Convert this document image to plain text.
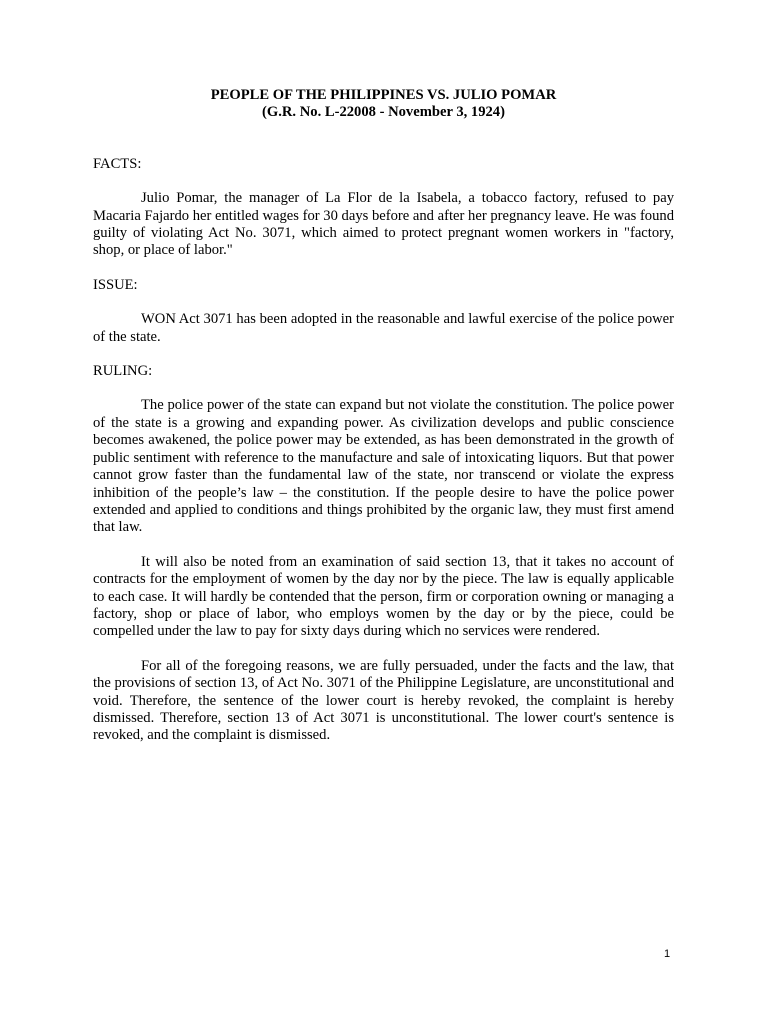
PEOPLE OF THE PHILIPPINES VS. JULIO POMAR

(G.R. No. L-22008 - November 3, 1924)

FACTS:

Julio Pomar, the manager of La Flor de la Isabela, a tobacco factory, refused to pay Macaria Fajardo her entitled wages for 30 days before and after her pregnancy leave. He was found guilty of violating Act No. 3071, which aimed to protect pregnant women workers in "factory, shop, or place of labor."

ISSUE:

WON Act 3071 has been adopted in the reasonable and lawful exercise of the police power of the state.

RULING:

The police power of the state can expand but not violate the constitution. The police power of the state is a growing and expanding power. As civilization develops and public conscience becomes awakened, the police power may be extended, as has been demonstrated in the growth of public sentiment with reference to the manufacture and sale of intoxicating liquors. But that power cannot grow faster than the fundamental law of the state, nor transcend or violate the express inhibition of the people’s law – the constitution. If the people desire to have the police power extended and applied to conditions and things prohibited by the organic law, they must first amend that law.

It will also be noted from an examination of said section 13, that it takes no account of contracts for the employment of women by the day nor by the piece. The law is equally applicable to each case. It will hardly be contended that the person, firm or corporation owning or managing a factory, shop or place of labor, who employs women by the day or by the piece, could be compelled under the law to pay for sixty days during which no services were rendered.

For all of the foregoing reasons, we are fully persuaded, under the facts and the law, that the provisions of section 13, of Act No. 3071 of the Philippine Legislature, are unconstitutional and void. Therefore, the sentence of the lower court is hereby revoked, the complaint is hereby dismissed. Therefore, section 13 of Act 3071 is unconstitutional. The lower court's sentence is revoked, and the complaint is dismissed.

1
